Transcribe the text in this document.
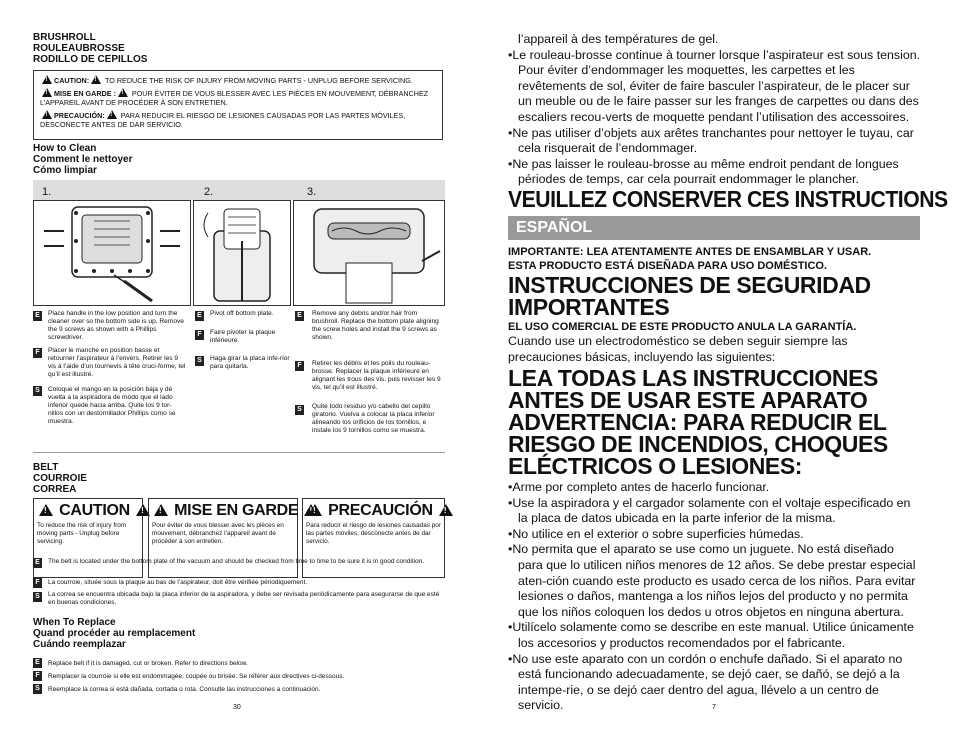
BRUSHROLL
ROULEAUBROSSE
RODILLO DE CEPILLOS

!CAUTION: ! TO REDUCE THE RISK OF INJURY FROM MOVING PARTS - UNPLUG BEFORE SERVICING.

!MISE EN GARDE : ! POUR ÉVITER DE VOUS BLESSER AVEC LES PIÈCES EN MOUVEMENT, DÉBRANCHEZ L’APPAREIL AVANT DE PROCÉDER À SON ENTRETIEN.

!PRECAUCIÓN: ! PARA REDUCIR EL RIESGO DE LESIONES CAUSADAS POR LAS PARTES MÓVILES, DESCONECTE ANTES DE DAR SERVICIO.

How to Clean
Comment le nettoyer
Cómo limpiar
1.	2.	3.
E	Place handle in the low position and turn the cleaner over so the bottom side is up. Remove the 9 screws as shown with a Phillips screwdriver.
F	Placer le manche en position basse et retourner l’aspirateur à l’envers. Retirer les 9 vis à l’aide d’un tournevis à tête cruci-forme, tel qu’il est illustré.
S	Coloque el mango en la posición baja y dé vuelta a la aspiradora de modo que el lado inferior quede hacia arriba. Quite los 9 tor-nillos con un destornillador Phillips como se muestra.
E	Pivot off bottom plate.
F	Faire pivoter la plaque inférieure.
S	Haga girar la placa infe-rior para quitarla.
E	Remove any debris and/or hair from brushroll. Replace the bottom plate aligning the screw holes and install the 9 screws as shown.
F	Retirer les débris et les poils du rouleau-brosse. Replacer la plaque inférieure en alignant les trous des vis, puis revisser les 9 vis, tel qu’il est illustré.
S	Quite todo residuo y/o cabello del cepillo giratorio. Vuelva a colocar la placa inferior alineando los orificios de los tornillos, e instale los 9 tornillos como se muestra.
BELT
COURROIE
CORREA
! CAUTION !
To reduce the risk of injury from moving parts - Unplug before servicing.
! MISE EN GARDE !
Pour éviter de vous blesser avec les pièces en mouvement, débranchez l’appareil avant de procéder à son entretien.
! PRECAUCIÓN !
Para reducir el riesgo de lesiones causadas por las partes móviles, desconecte antes de dar servicio.
E	The belt is located under the bottom plate of the vacuum and should be checked from time to time to be sure it is in good condition.
F	La courroie, située sous la plaque au bas de l’aspirateur, doit être vérifiée périodiquement.
S	La correa se encuentra ubicada bajo la placa inferior de la aspiradora, y debe ser revisada periódicamente para asegurarse de que esté en buenas condiciones.
When To Replace
Quand procéder au remplacement
Cuándo reemplazar
E	Replace belt if it is damaged, cut or broken. Refer to directions below.
F	Remplacer la courroie si elle est endommagée, coupée ou brisée. Se référer aux directives ci-dessous.
S	Reemplace la correa si está dañada, cortada o rota. Consulte las instrucciones a continuación.
30

l’appareil à des températures de gel.

•Le rouleau-brosse continue à tourner lorsque l’aspirateur est sous tension. Pour éviter d’endommager les moquettes, les carpettes et les revêtements de sol, éviter de faire basculer l’aspirateur, de le placer sur un meuble ou de le faire passer sur les franges de carpettes ou dans des escaliers recou-verts de moquette pendant l’utilisation des accessoires.

•Ne pas utiliser d’objets aux arêtes tranchantes pour nettoyer le tuyau, car cela risquerait de l’endommager.

•Ne pas laisser le rouleau-brosse au même endroit pendant de longues périodes de temps, car cela pourrait endommager le plancher.

VEUILLEZ CONSERVER CES INSTRUCTIONS
ESPAÑOL
IMPORTANTE: LEA ATENTAMENTE ANTES DE ENSAMBLAR Y USAR.
ESTA PRODUCTO ESTÁ DISEÑADA PARA USO DOMÉSTICO.
INSTRUCCIONES DE SEGURIDAD IMPORTANTES
EL USO COMERCIAL DE ESTE PRODUCTO ANULA LA GARANTÍA.
Cuando use un electrodoméstico se deben seguir siempre las precauciones básicas, incluyendo las siguientes:
LEA TODAS LAS INSTRUCCIONES ANTES DE USAR ESTE APARATO
ADVERTENCIA: PARA REDUCIR EL RIESGO DE INCENDIOS, CHOQUES ELÉCTRICOS O LESIONES:

•Arme por completo antes de hacerlo funcionar.

•Use la aspiradora y el cargador solamente con el voltaje especificado en la placa de datos ubicada en la parte inferior de la misma.

•No utilice en el exterior o sobre superficies húmedas.

•No permita que el aparato se use como un juguete. No está diseñado para que lo utilicen niños menores de 12 años. Se debe prestar especial aten-ción cuando este producto es usado cerca de los niños. Para evitar lesiones o daños, mantenga a los niños lejos del producto y no permita que los niños coloquen los dedos u otros objetos en ninguna abertura.

•Utilícelo solamente como se describe en este manual. Utilice únicamente los accesorios y productos recomendados por el fabricante.

•No use este aparato con un cordón o enchufe dañado. Si el aparato no está funcionando adecuadamente, se dejó caer, se dañó, se dejó a la intempe-rie, o se dejó caer dentro del agua, llévelo a un centro de servicio.	7
